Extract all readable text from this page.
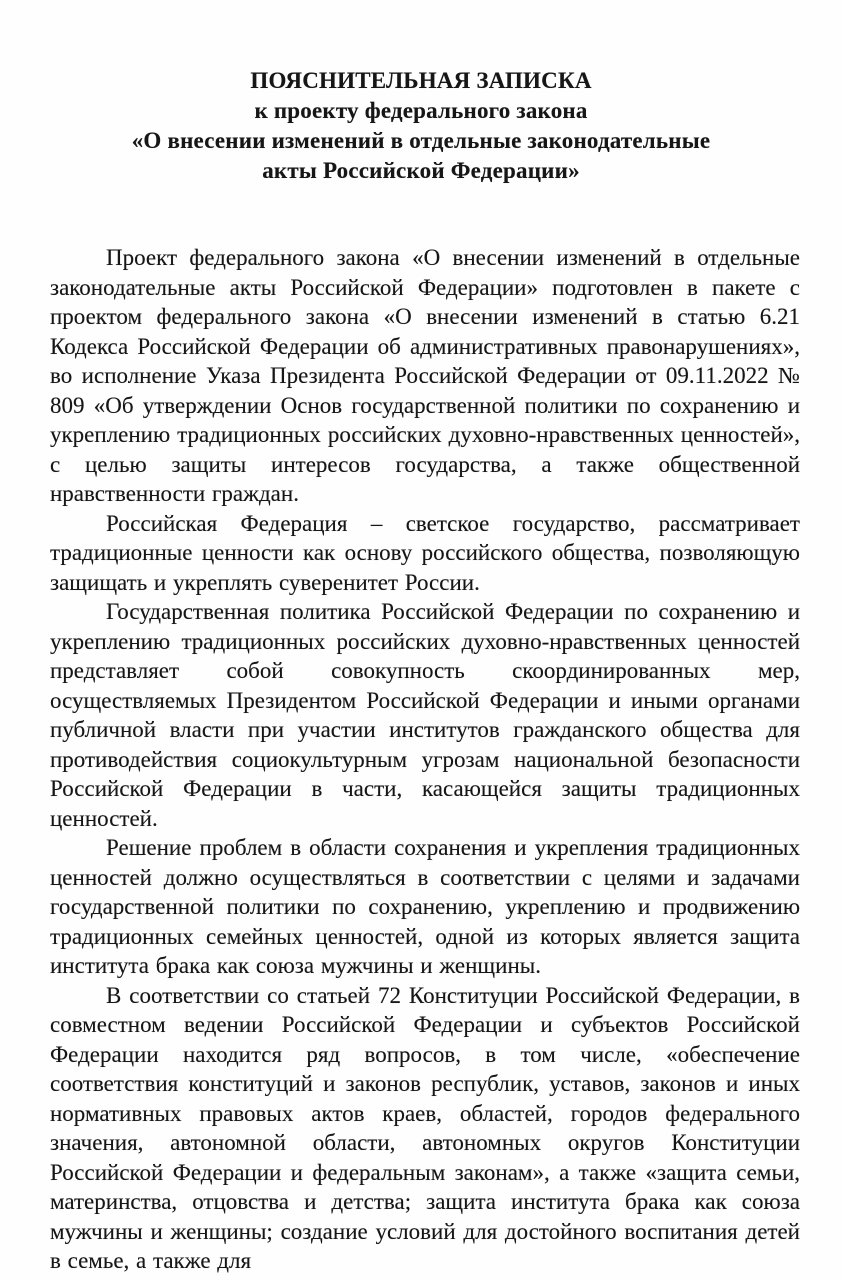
ПОЯСНИТЕЛЬНАЯ ЗАПИСКА
к проекту федерального закона
«О внесении изменений в отдельные законодательные
акты Российской Федерации»

Проект федерального закона «О внесении изменений в отдельные законодательные акты Российской Федерации» подготовлен в пакете с проектом федерального закона «О внесении изменений в статью 6.21 Кодекса Российской Федерации об административных правонарушениях», во исполнение Указа Президента Российской Федерации от 09.11.2022 № 809 «Об утверждении Основ государственной политики по сохранению и укреплению традиционных российских духовно-нравственных ценностей», с целью защиты интересов государства, а также общественной нравственности граждан.

Российская Федерация – светское государство, рассматривает традиционные ценности как основу российского общества, позволяющую защищать и укреплять суверенитет России.

Государственная политика Российской Федерации по сохранению и укреплению традиционных российских духовно-нравственных ценностей представляет собой совокупность скоординированных мер, осуществляемых Президентом Российской Федерации и иными органами публичной власти при участии институтов гражданского общества для противодействия социокультурным угрозам национальной безопасности Российской Федерации в части, касающейся защиты традиционных ценностей.

Решение проблем в области сохранения и укрепления традиционных ценностей должно осуществляться в соответствии с целями и задачами государственной политики по сохранению, укреплению и продвижению традиционных семейных ценностей, одной из которых является защита института брака как союза мужчины и женщины.

В соответствии со статьей 72 Конституции Российской Федерации, в совместном ведении Российской Федерации и субъектов Российской Федерации находится ряд вопросов, в том числе, «обеспечение соответствия конституций и законов республик, уставов, законов и иных нормативных правовых актов краев, областей, городов федерального значения, автономной области, автономных округов Конституции Российской Федерации и федеральным законам», а также «защита семьи, материнства, отцовства и детства; защита института брака как союза мужчины и женщины; создание условий для достойного воспитания детей в семье, а также для
